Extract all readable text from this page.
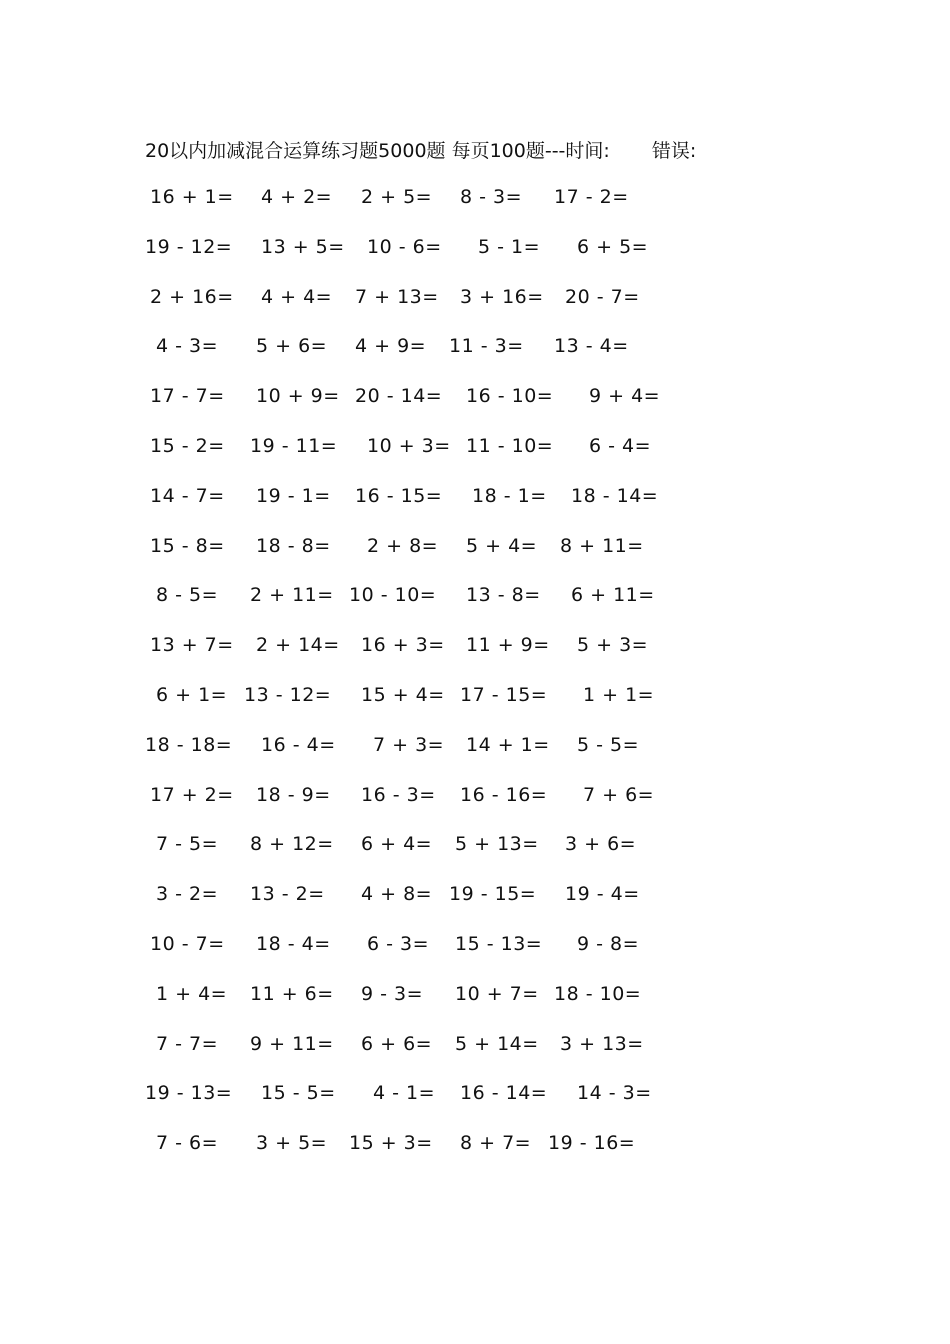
20以内加减混合运算练习题5000题 每页100题---时间: 错误:
16 + 1= 4 + 2= 2 + 5= 8 - 3= 17 - 2=
19 - 12= 13 + 5= 10 - 6= 5 - 1= 6 + 5=
2 + 16= 4 + 4= 7 + 13= 3 + 16= 20 - 7=
4 - 3= 5 + 6= 4 + 9= 11 - 3= 13 - 4=
17 - 7= 10 + 9= 20 - 14= 16 - 10= 9 + 4=
15 - 2= 19 - 11= 10 + 3= 11 - 10= 6 - 4=
14 - 7= 19 - 1= 16 - 15= 18 - 1= 18 - 14=
15 - 8= 18 - 8= 2 + 8= 5 + 4= 8 + 11=
8 - 5= 2 + 11= 10 - 10= 13 - 8= 6 + 11=
13 + 7= 2 + 14= 16 + 3= 11 + 9= 5 + 3=
6 + 1= 13 - 12= 15 + 4= 17 - 15= 1 + 1=
18 - 18= 16 - 4= 7 + 3= 14 + 1= 5 - 5=
17 + 2= 18 - 9= 16 - 3= 16 - 16= 7 + 6=
7 - 5= 8 + 12= 6 + 4= 5 + 13= 3 + 6=
3 - 2= 13 - 2= 4 + 8= 19 - 15= 19 - 4=
10 - 7= 18 - 4= 6 - 3= 15 - 13= 9 - 8=
1 + 4= 11 + 6= 9 - 3= 10 + 7= 18 - 10=
7 - 7= 9 + 11= 6 + 6= 5 + 14= 3 + 13=
19 - 13= 15 - 5= 4 - 1= 16 - 14= 14 - 3=
7 - 6= 3 + 5= 15 + 3= 8 + 7= 19 - 16=
